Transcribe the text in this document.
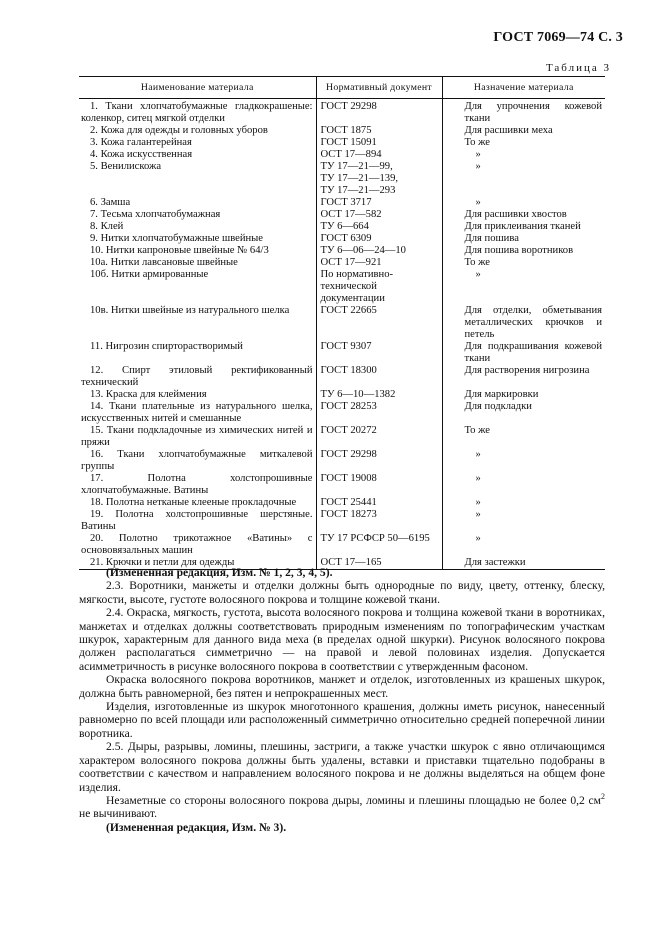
ГОСТ 7069—74 С. 3
Таблица 3
Наименование материала	Нормативный документ	Назначение материала
1. Ткани хлопчатобумажные гладкокрашеные: коленкор, ситец мягкой отделки	ГОСТ 29298	Для упрочнения кожевой ткани
2. Кожа для одежды и головных уборов	ГОСТ 1875	Для расшивки меха
3. Кожа галантерейная	ГОСТ 15091	То же
4. Кожа искусственная	ОСТ 17—894	»
5. Венилискожа	ТУ 17—21—99,
ТУ 17—21—139,
ТУ 17—21—293	»
6. Замша	ГОСТ 3717	»
7. Тесьма хлопчатобумажная	ОСТ 17—582	Для расшивки хвостов
8. Клей	ТУ 6—664	Для приклеивания тканей
9. Нитки хлопчатобумажные швейные	ГОСТ 6309	Для пошива
10. Нитки капроновые швейные № 64/3	ТУ 6—06—24—10	Для пошива воротников
10а. Нитки лавсановые швейные	ОСТ 17—921	То же
10б. Нитки армированные	По нормативно-технической документации	»
10в. Нитки швейные из натурального шелка	ГОСТ 22665	Для отделки, обметывания металлических крючков и петель
11. Нигрозин спирторастворимый	ГОСТ 9307	Для подкрашивания кожевой ткани
12. Спирт этиловый ректификованный технический	ГОСТ 18300	Для растворения нигрозина
13. Краска для клеймения	ТУ 6—10—1382	Для маркировки
14. Ткани плательные из натурального шелка, искусственных нитей и смешанные	ГОСТ 28253	Для подкладки
15. Ткани подкладочные из химических нитей и пряжи	ГОСТ 20272	То же
16. Ткани хлопчатобумажные миткалевой группы	ГОСТ 29298	»
17. Полотна холстопрошивные хлопчатобумажные. Ватины	ГОСТ 19008	»
18. Полотна нетканые клееные прокладочные	ГОСТ 25441	»
19. Полотна холстопрошивные шерстяные. Ватины	ГОСТ 18273	»
20. Полотно трикотажное «Ватины» с основовязальных машин	ТУ 17 РСФСР 50—6195	»
21. Крючки и петли для одежды	ОСТ 17—165	Для застежки

(Измененная редакция, Изм. № 1, 2, 3, 4, 5).

2.3. Воротники, манжеты и отделки должны быть однородные по виду, цвету, оттенку, блеску, мягкости, высоте, густоте волосяного покрова и толщине кожевой ткани.

2.4. Окраска, мягкость, густота, высота волосяного покрова и толщина кожевой ткани в воротниках, манжетах и отделках должны соответствовать природным изменениям по топографическим участкам шкурок, характерным для данного вида меха (в пределах одной шкурки). Рисунок волосяного покрова должен располагаться симметрично — на правой и левой половинах изделия. Допускается асимметричность в рисунке волосяного покрова в соответствии с утвержденным фасоном.

Окраска волосяного покрова воротников, манжет и отделок, изготовленных из крашеных шкурок, должна быть равномерной, без пятен и непрокрашенных мест.

Изделия, изготовленные из шкурок многотонного крашения, должны иметь рисунок, нанесенный равномерно по всей площади или расположенный симметрично относительно средней поперечной линии воротника.

2.5. Дыры, разрывы, ломины, плешины, застриги, а также участки шкурок с явно отличающимся характером волосяного покрова должны быть удалены, вставки и приставки тщательно подобраны в соответствии с качеством и направлением волосяного покрова и не должны выделяться на общем фоне изделия.

Незаметные со стороны волосяного покрова дыры, ломины и плешины площадью не более 0,2 $см^2$ не вычинивают.

(Измененная редакция, Изм. № 3).
